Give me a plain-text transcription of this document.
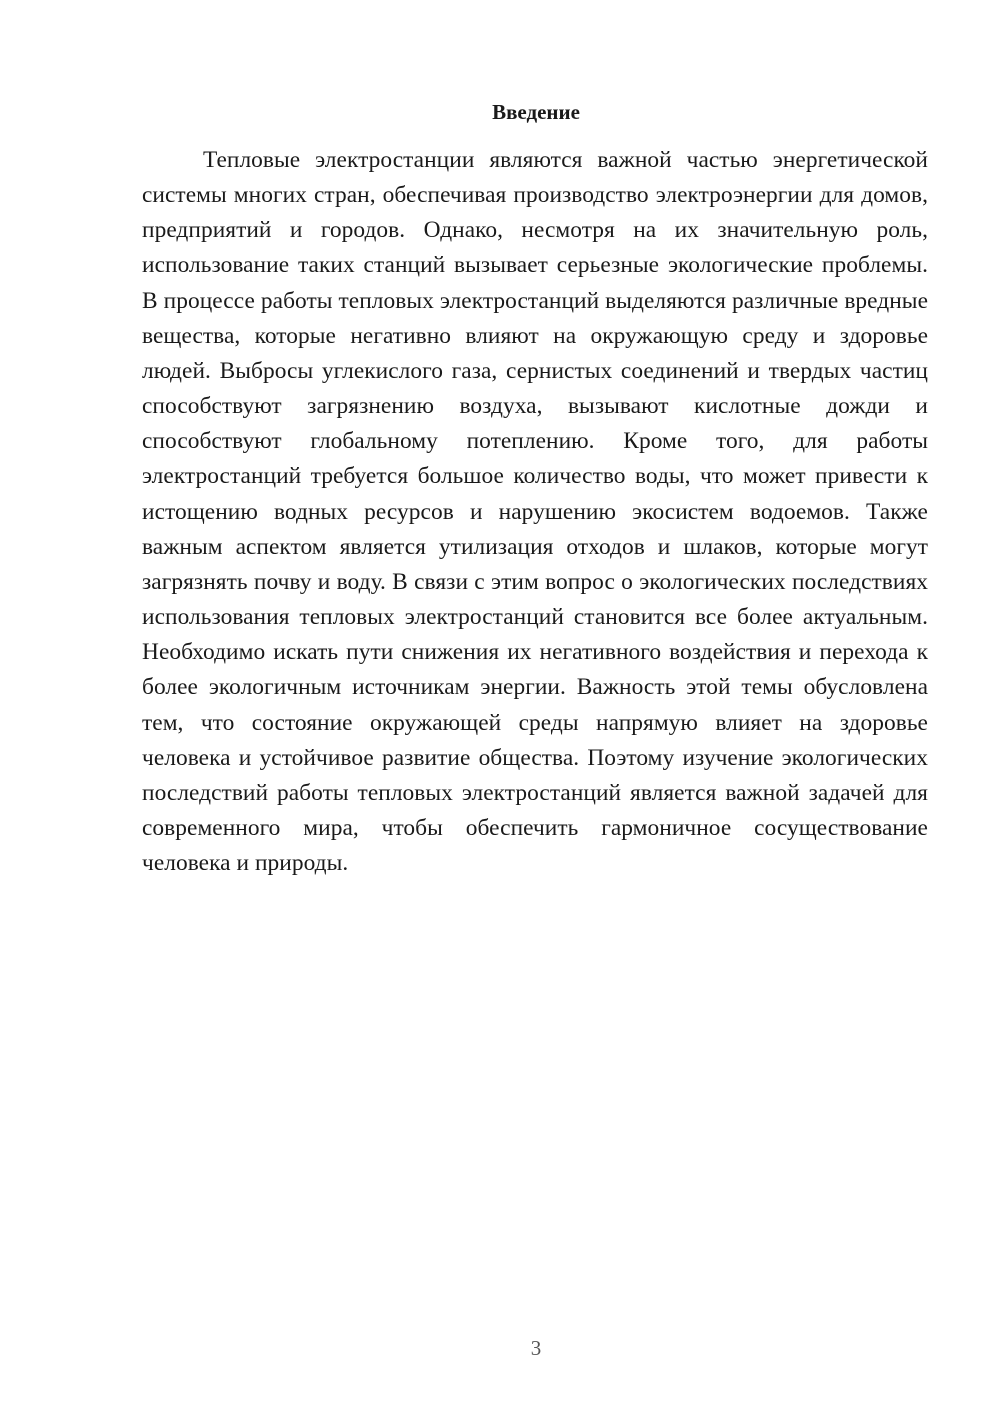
Введение

Тепловые электростанции являются важной частью энергетической системы многих стран, обеспечивая производство электроэнергии для домов, предприятий и городов. Однако, несмотря на их значительную роль, использование таких станций вызывает серьезные экологические проблемы. В процессе работы тепловых электростанций выделяются различные вредные вещества, которые негативно влияют на окружающую среду и здоровье людей. Выбросы углекислого газа, сернистых соединений и твердых частиц способствуют загрязнению воздуха, вызывают кислотные дожди и способствуют глобальному потеплению. Кроме того, для работы электростанций требуется большое количество воды, что может привести к истощению водных ресурсов и нарушению экосистем водоемов. Также важным аспектом является утилизация отходов и шлаков, которые могут загрязнять почву и воду. В связи с этим вопрос о экологических последствиях использования тепловых электростанций становится все более актуальным. Необходимо искать пути снижения их негативного воздействия и перехода к более экологичным источникам энергии. Важность этой темы обусловлена тем, что состояние окружающей среды напрямую влияет на здоровье человека и устойчивое развитие общества. Поэтому изучение экологических последствий работы тепловых электростанций является важной задачей для современного мира, чтобы обеспечить гармоничное сосуществование человека и природы.

3
